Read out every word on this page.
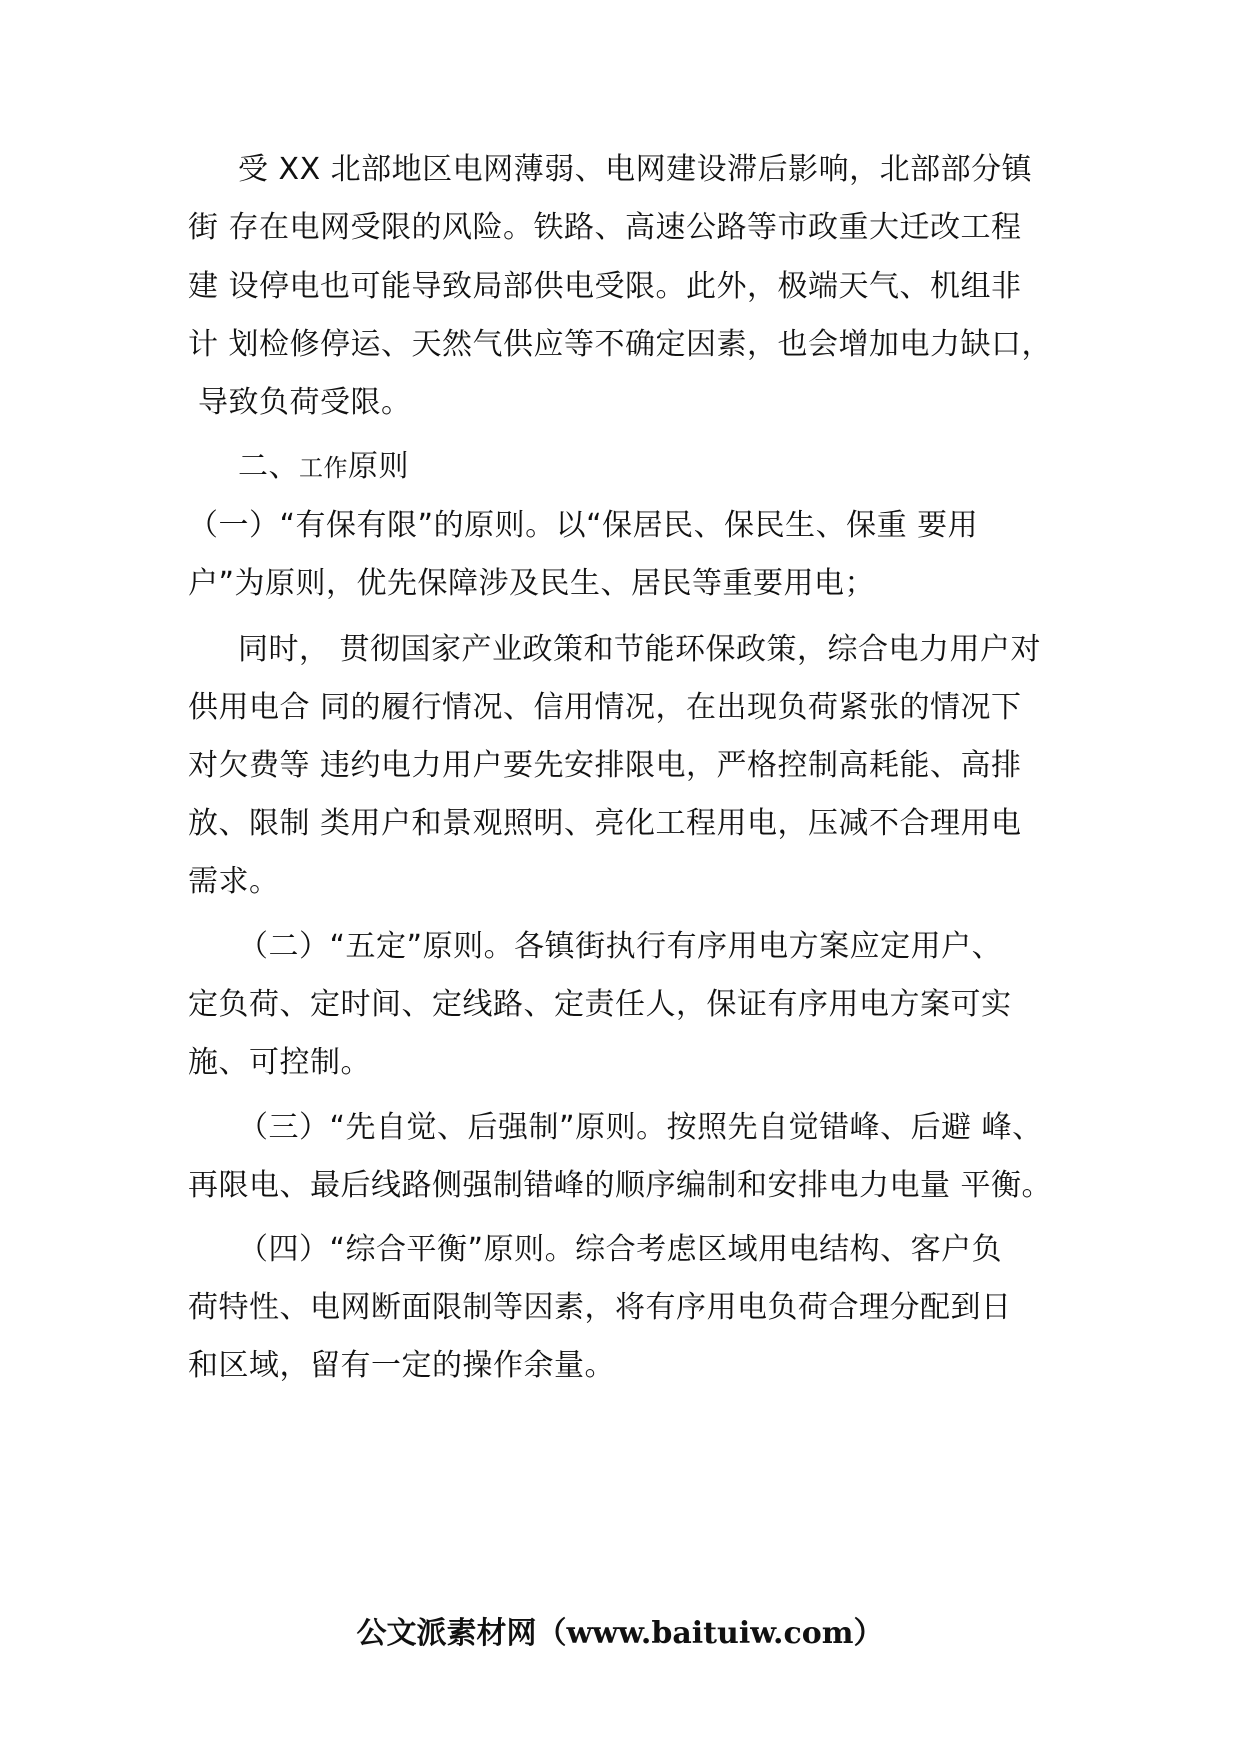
受 XX 北部地区电网薄弱、电网建设滞后影响，北部部分镇
街 存在电网受限的风险。铁路、高速公路等市政重大迁改工程
建 设停电也可能导致局部供电受限。此外，极端天气、机组非
计 划检修停运、天然气供应等不确定因素，也会增加电力缺口，
导致负荷受限。
二、工作原则
（一）“有保有限”的原则。以“保居民、保民生、保重 要用
户”为原则，优先保障涉及民生、居民等重要用电；
同时， 贯彻国家产业政策和节能环保政策，综合电力用户对
供用电合 同的履行情况、信用情况，在出现负荷紧张的情况下
对欠费等 违约电力用户要先安排限电，严格控制高耗能、高排
放、限制 类用户和景观照明、亮化工程用电，压减不合理用电
需求。
（二）“五定”原则。各镇街执行有序用电方案应定用户、
定负荷、定时间、定线路、定责任人，保证有序用电方案可实
施、可控制。
（三）“先自觉、后强制”原则。按照先自觉错峰、后避 峰、
再限电、最后线路侧强制错峰的顺序编制和安排电力电量 平衡。
（四）“综合平衡”原则。综合考虑区域用电结构、客户负
荷特性、电网断面限制等因素，将有序用电负荷合理分配到日
和区域，留有一定的操作余量。
公文派素材网（www.baituiw.com）
